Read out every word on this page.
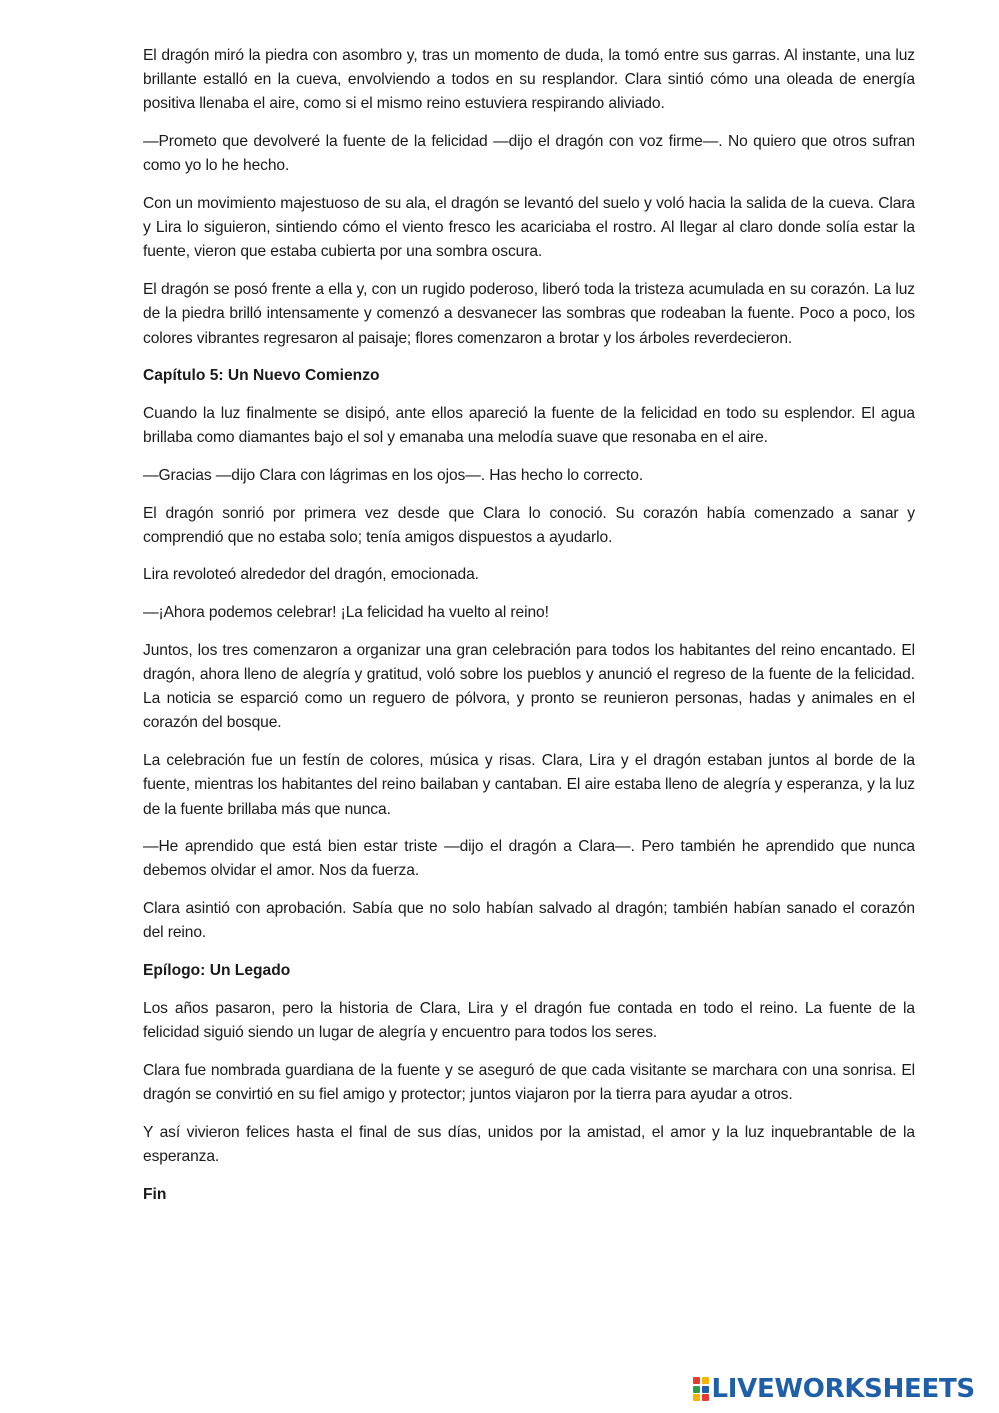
El dragón miró la piedra con asombro y, tras un momento de duda, la tomó entre sus garras. Al instante, una luz brillante estalló en la cueva, envolviendo a todos en su resplandor. Clara sintió cómo una oleada de energía positiva llenaba el aire, como si el mismo reino estuviera respirando aliviado.

—Prometo que devolveré la fuente de la felicidad —dijo el dragón con voz firme—. No quiero que otros sufran como yo lo he hecho.

Con un movimiento majestuoso de su ala, el dragón se levantó del suelo y voló hacia la salida de la cueva. Clara y Lira lo siguieron, sintiendo cómo el viento fresco les acariciaba el rostro. Al llegar al claro donde solía estar la fuente, vieron que estaba cubierta por una sombra oscura.

El dragón se posó frente a ella y, con un rugido poderoso, liberó toda la tristeza acumulada en su corazón. La luz de la piedra brilló intensamente y comenzó a desvanecer las sombras que rodeaban la fuente. Poco a poco, los colores vibrantes regresaron al paisaje; flores comenzaron a brotar y los árboles reverdecieron.

Capítulo 5: Un Nuevo Comienzo

Cuando la luz finalmente se disipó, ante ellos apareció la fuente de la felicidad en todo su esplendor. El agua brillaba como diamantes bajo el sol y emanaba una melodía suave que resonaba en el aire.

—Gracias —dijo Clara con lágrimas en los ojos—. Has hecho lo correcto.

El dragón sonrió por primera vez desde que Clara lo conoció. Su corazón había comenzado a sanar y comprendió que no estaba solo; tenía amigos dispuestos a ayudarlo.

Lira revoloteó alrededor del dragón, emocionada.

—¡Ahora podemos celebrar! ¡La felicidad ha vuelto al reino!

Juntos, los tres comenzaron a organizar una gran celebración para todos los habitantes del reino encantado. El dragón, ahora lleno de alegría y gratitud, voló sobre los pueblos y anunció el regreso de la fuente de la felicidad. La noticia se esparció como un reguero de pólvora, y pronto se reunieron personas, hadas y animales en el corazón del bosque.

La celebración fue un festín de colores, música y risas. Clara, Lira y el dragón estaban juntos al borde de la fuente, mientras los habitantes del reino bailaban y cantaban. El aire estaba lleno de alegría y esperanza, y la luz de la fuente brillaba más que nunca.

—He aprendido que está bien estar triste —dijo el dragón a Clara—. Pero también he aprendido que nunca debemos olvidar el amor. Nos da fuerza.

Clara asintió con aprobación. Sabía que no solo habían salvado al dragón; también habían sanado el corazón del reino.

Epílogo: Un Legado

Los años pasaron, pero la historia de Clara, Lira y el dragón fue contada en todo el reino. La fuente de la felicidad siguió siendo un lugar de alegría y encuentro para todos los seres.

Clara fue nombrada guardiana de la fuente y se aseguró de que cada visitante se marchara con una sonrisa. El dragón se convirtió en su fiel amigo y protector; juntos viajaron por la tierra para ayudar a otros.

Y así vivieron felices hasta el final de sus días, unidos por la amistad, el amor y la luz inquebrantable de la esperanza.

Fin
LIVEWORKSHEETS
